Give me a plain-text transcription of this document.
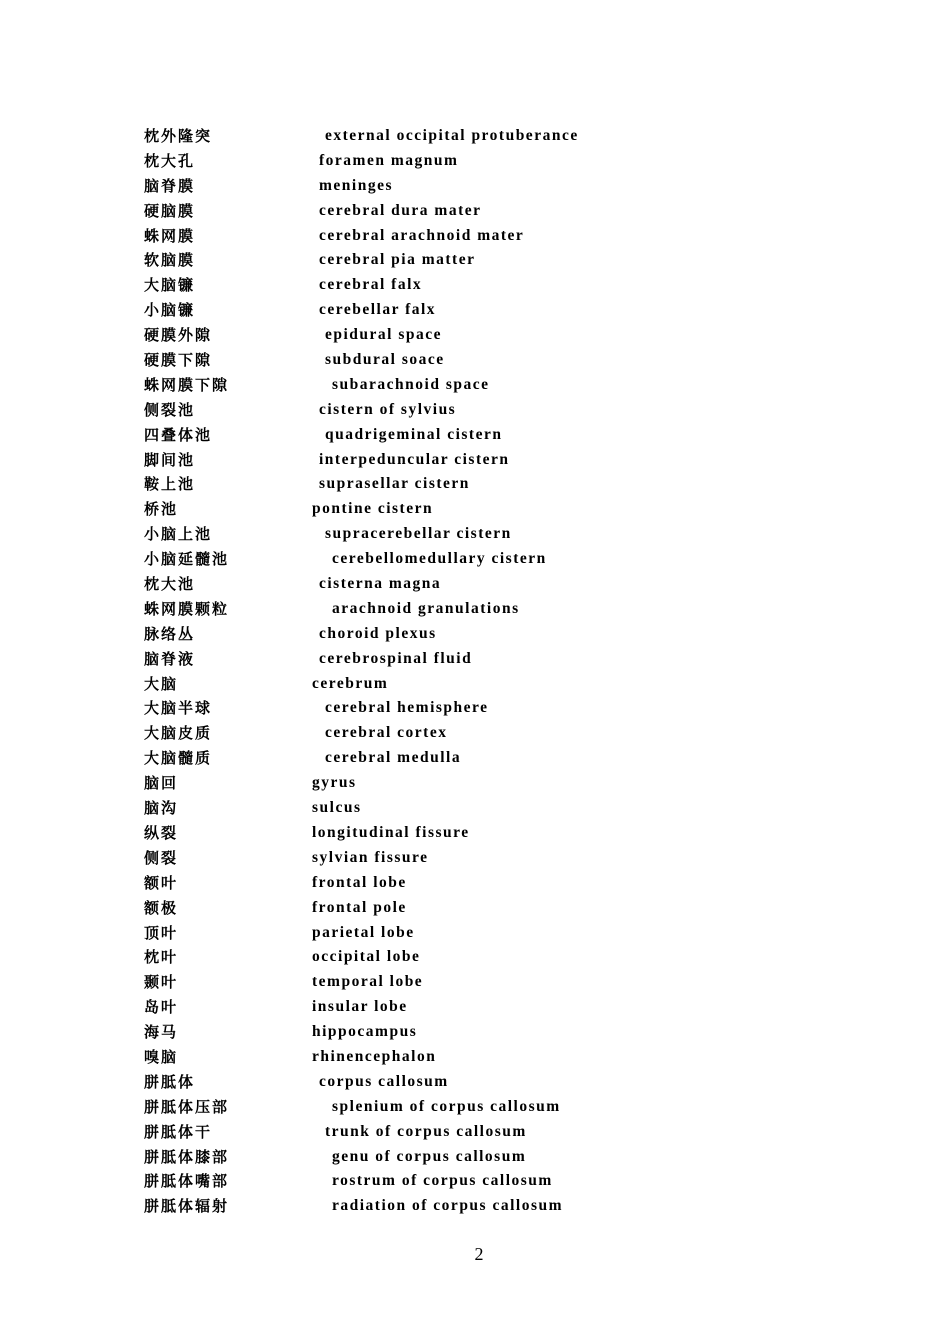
枕外隆突	external occipital protuberance
枕大孔	foramen magnum
脑脊膜	meninges
硬脑膜	cerebral dura mater
蛛网膜	cerebral arachnoid mater
软脑膜	cerebral pia matter
大脑镰	cerebral falx
小脑镰	cerebellar falx
硬膜外隙	epidural space
硬膜下隙	subdural soace
蛛网膜下隙	subarachnoid space
侧裂池	cistern of sylvius
四叠体池	quadrigeminal cistern
脚间池	interpeduncular cistern
鞍上池	suprasellar cistern
桥池	pontine cistern
小脑上池	supracerebellar cistern
小脑延髓池	cerebellomedullary cistern
枕大池	cisterna magna
蛛网膜颗粒	arachnoid granulations
脉络丛	choroid plexus
脑脊液	cerebrospinal fluid
大脑	cerebrum
大脑半球	cerebral hemisphere
大脑皮质	cerebral cortex
大脑髓质	cerebral medulla
脑回	gyrus
脑沟	sulcus
纵裂	longitudinal fissure
侧裂	sylvian fissure
额叶	frontal lobe
额极	frontal pole
顶叶	parietal lobe
枕叶	occipital lobe
颞叶	temporal lobe
岛叶	insular lobe
海马	hippocampus
嗅脑	rhinencephalon
胼胝体	corpus callosum
胼胝体压部	splenium of corpus callosum
胼胝体干	trunk of corpus callosum
胼胝体膝部	genu of corpus callosum
胼胝体嘴部	rostrum of corpus callosum
胼胝体辐射	radiation of corpus callosum
2
